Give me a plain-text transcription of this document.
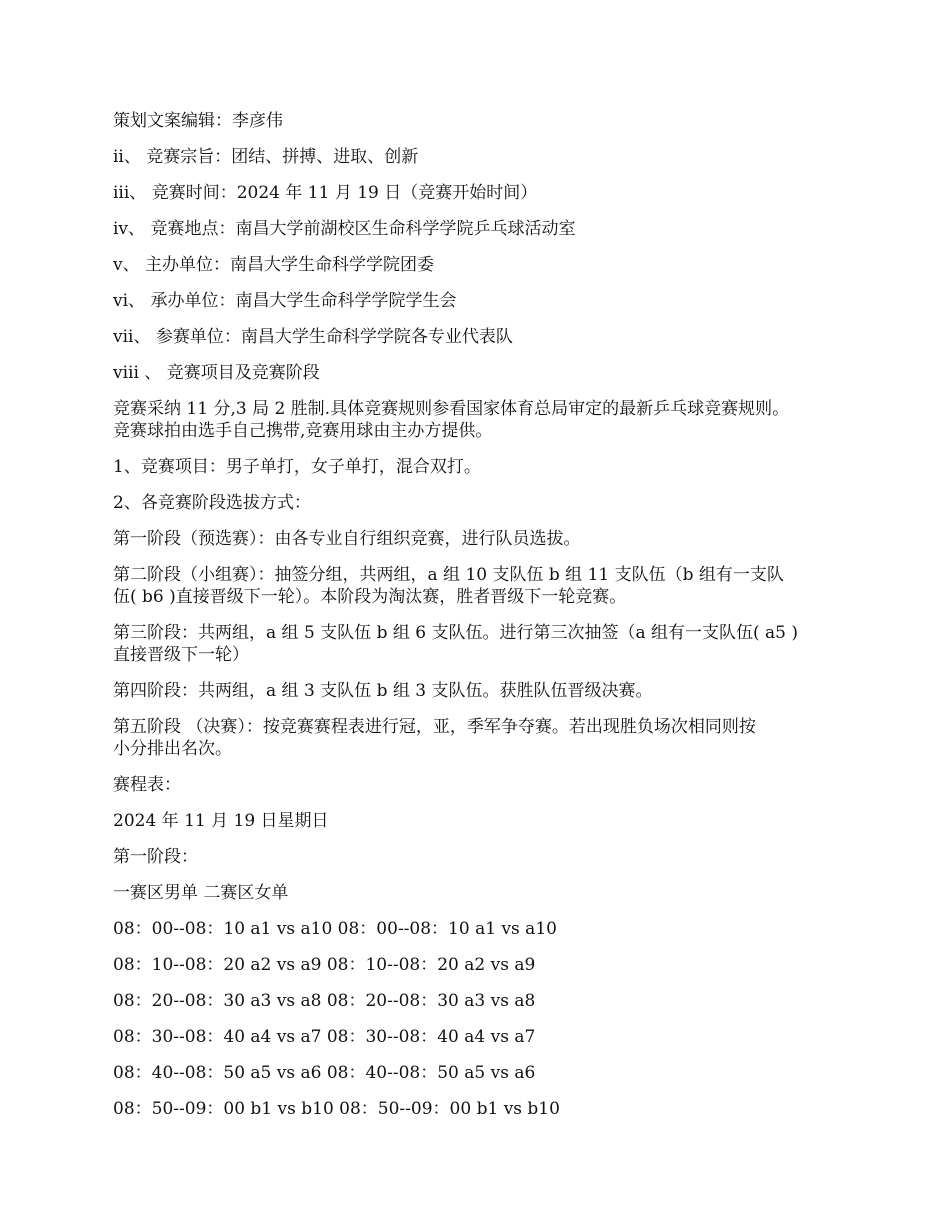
策划文案编辑：李彦伟
ii、 竞赛宗旨：团结、拼搏、进取、创新
iii、 竞赛时间：2024 年 11 月 19 日（竞赛开始时间）
iv、 竞赛地点：南昌大学前湖校区生命科学学院乒乓球活动室
v、 主办单位：南昌大学生命科学学院团委
vi、 承办单位：南昌大学生命科学学院学生会
vii、 参赛单位：南昌大学生命科学学院各专业代表队
viii 、 竞赛项目及竞赛阶段
竞赛采纳 11 分,3 局 2 胜制.具体竞赛规则参看国家体育总局审定的最新乒乓球竞赛规则。
竞赛球拍由选手自己携带,竞赛用球由主办方提供。
1、竞赛项目：男子单打，女子单打，混合双打。
2、各竞赛阶段选拔方式：
第一阶段（预选赛）：由各专业自行组织竞赛，进行队员选拔。
第二阶段（小组赛）：抽签分组，共两组，a 组 10 支队伍 b 组 11 支队伍（b 组有一支队
伍( b6 )直接晋级下一轮）。本阶段为淘汰赛，胜者晋级下一轮竞赛。
第三阶段：共两组，a 组 5 支队伍 b 组 6 支队伍。进行第三次抽签（a 组有一支队伍( a5 )
直接晋级下一轮）
第四阶段：共两组，a 组 3 支队伍 b 组 3 支队伍。获胜队伍晋级决赛。
第五阶段 （决赛）：按竞赛赛程表进行冠，亚，季军争夺赛。若出现胜负场次相同则按
小分排出名次。
赛程表：
2024 年 11 月 19 日星期日
第一阶段：
一赛区男单 二赛区女单
08：00--08：10 a1 vs a10 08：00--08：10 a1 vs a10
08：10--08：20 a2 vs a9 08：10--08：20 a2 vs a9
08：20--08：30 a3 vs a8 08：20--08：30 a3 vs a8
08：30--08：40 a4 vs a7 08：30--08：40 a4 vs a7
08：40--08：50 a5 vs a6 08：40--08：50 a5 vs a6
08：50--09：00 b1 vs b10 08：50--09：00 b1 vs b10
